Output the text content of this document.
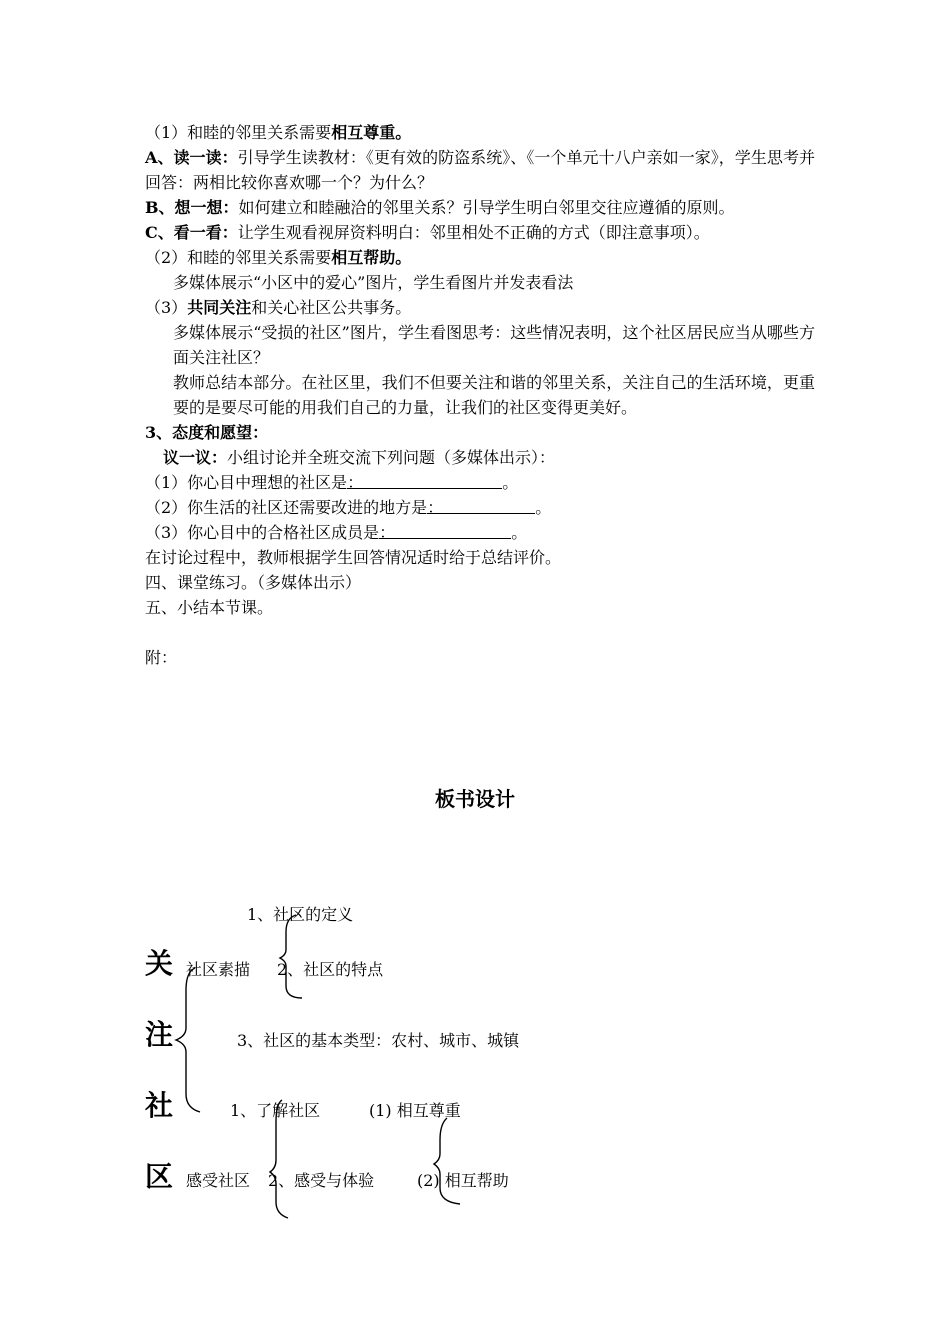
（1）和睦的邻里关系需要相互尊重。

A、读一读：引导学生读教材：《更有效的防盗系统》、《一个单元十八户亲如一家》，学生思考并回答：两相比较你喜欢哪一个？为什么？

B、想一想：如何建立和睦融洽的邻里关系？引导学生明白邻里交往应遵循的原则。

C、看一看：让学生观看视屏资料明白：邻里相处不正确的方式（即注意事项）。

（2）和睦的邻里关系需要相互帮助。

多媒体展示“小区中的爱心”图片，学生看图片并发表看法

（3）共同关注和关心社区公共事务。

多媒体展示“受损的社区”图片，学生看图思考：这些情况表明，这个社区居民应当从哪些方面关注社区？

教师总结本部分。在社区里，我们不但要关注和谐的邻里关系，关注自己的生活环境，更重要的是要尽可能的用我们自己的力量，让我们的社区变得更美好。

3、态度和愿望：

议一议：小组讨论并全班交流下列问题（多媒体出示）：

（1）你心目中理想的社区是：	。

（2）你生活的社区还需要改进的地方是：	。

（3）你心目中的合格社区成员是：	。

在讨论过程中，教师根据学生回答情况适时给于总结评价。

四、课堂练习。（多媒体出示）

五、小结本节课。

附：

板书设计
关
注
社
区
1、社区的定义
社区素描 2、社区的特点
3、社区的基本类型：农村、城市、城镇
1、了解社区	(1) 相互尊重
感受社区 2、感受与体验	(2) 相互帮助
